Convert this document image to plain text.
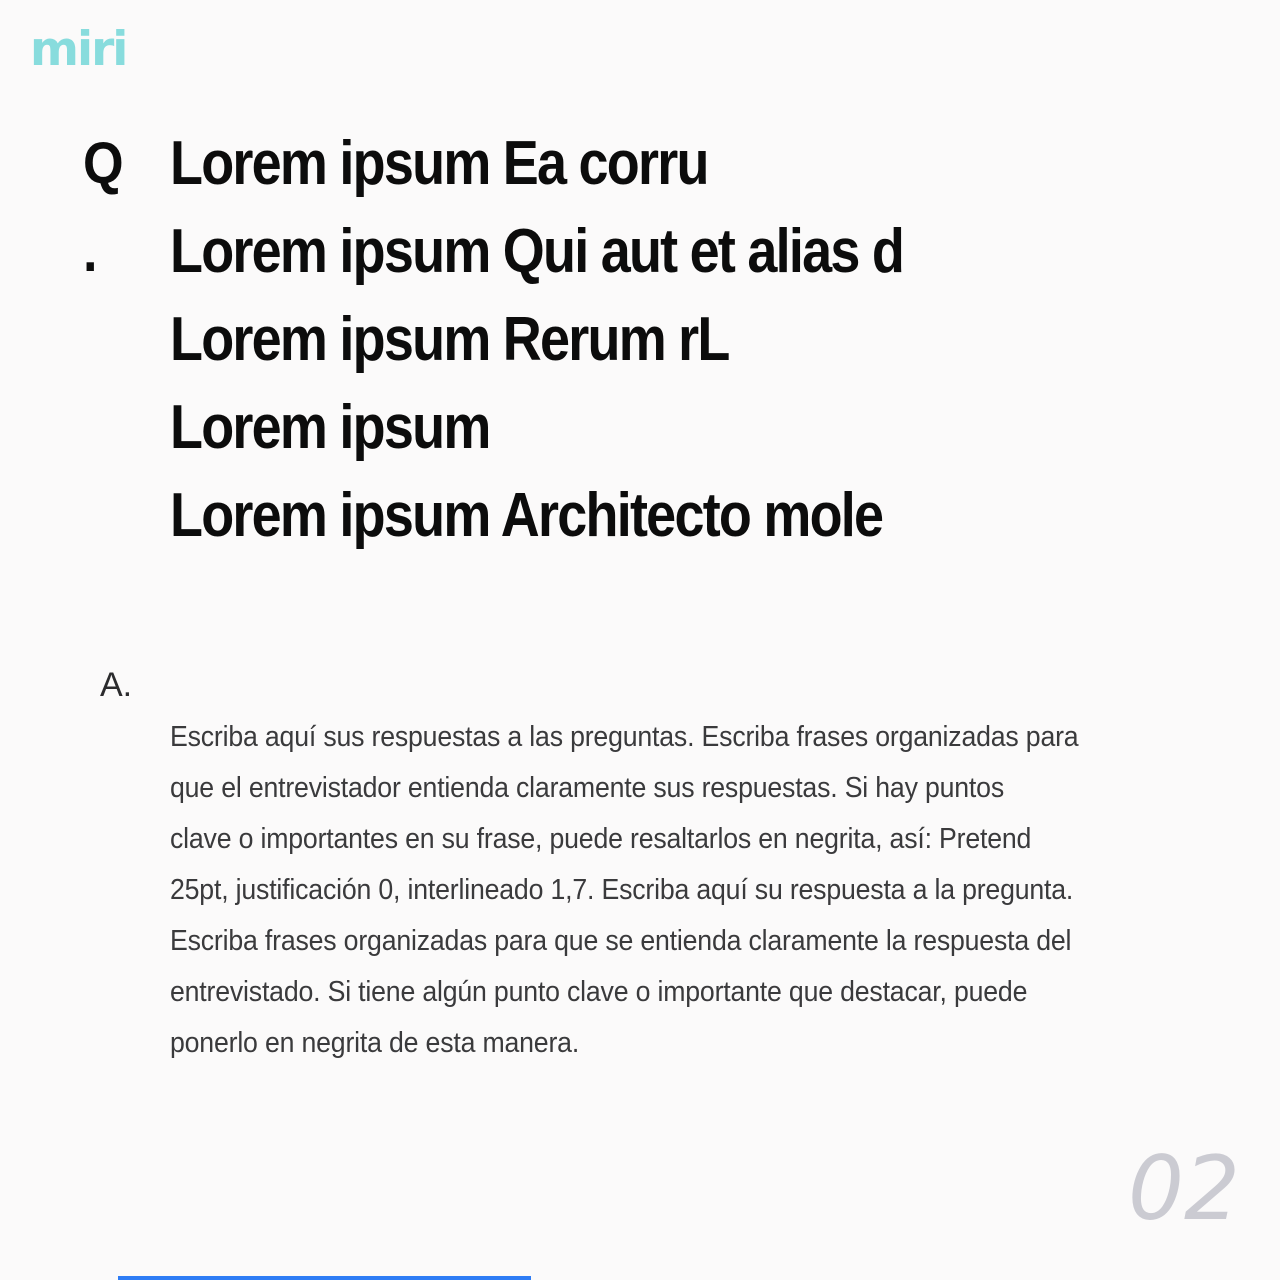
miri
Q
.
Lorem ipsum Ea corru
Lorem ipsum Qui aut et alias d
Lorem ipsum Rerum rL
Lorem ipsum
Lorem ipsum Architecto mole
A.
Escriba aquí sus respuestas a las preguntas. Escriba frases organizadas para
que el entrevistador entienda claramente sus respuestas. Si hay puntos
clave o importantes en su frase, puede resaltarlos en negrita, así: Pretend
25pt, justificación 0, interlineado 1,7. Escriba aquí su respuesta a la pregunta.
Escriba frases organizadas para que se entienda claramente la respuesta del
entrevistado. Si tiene algún punto clave o importante que destacar, puede
ponerlo en negrita de esta manera.
02
